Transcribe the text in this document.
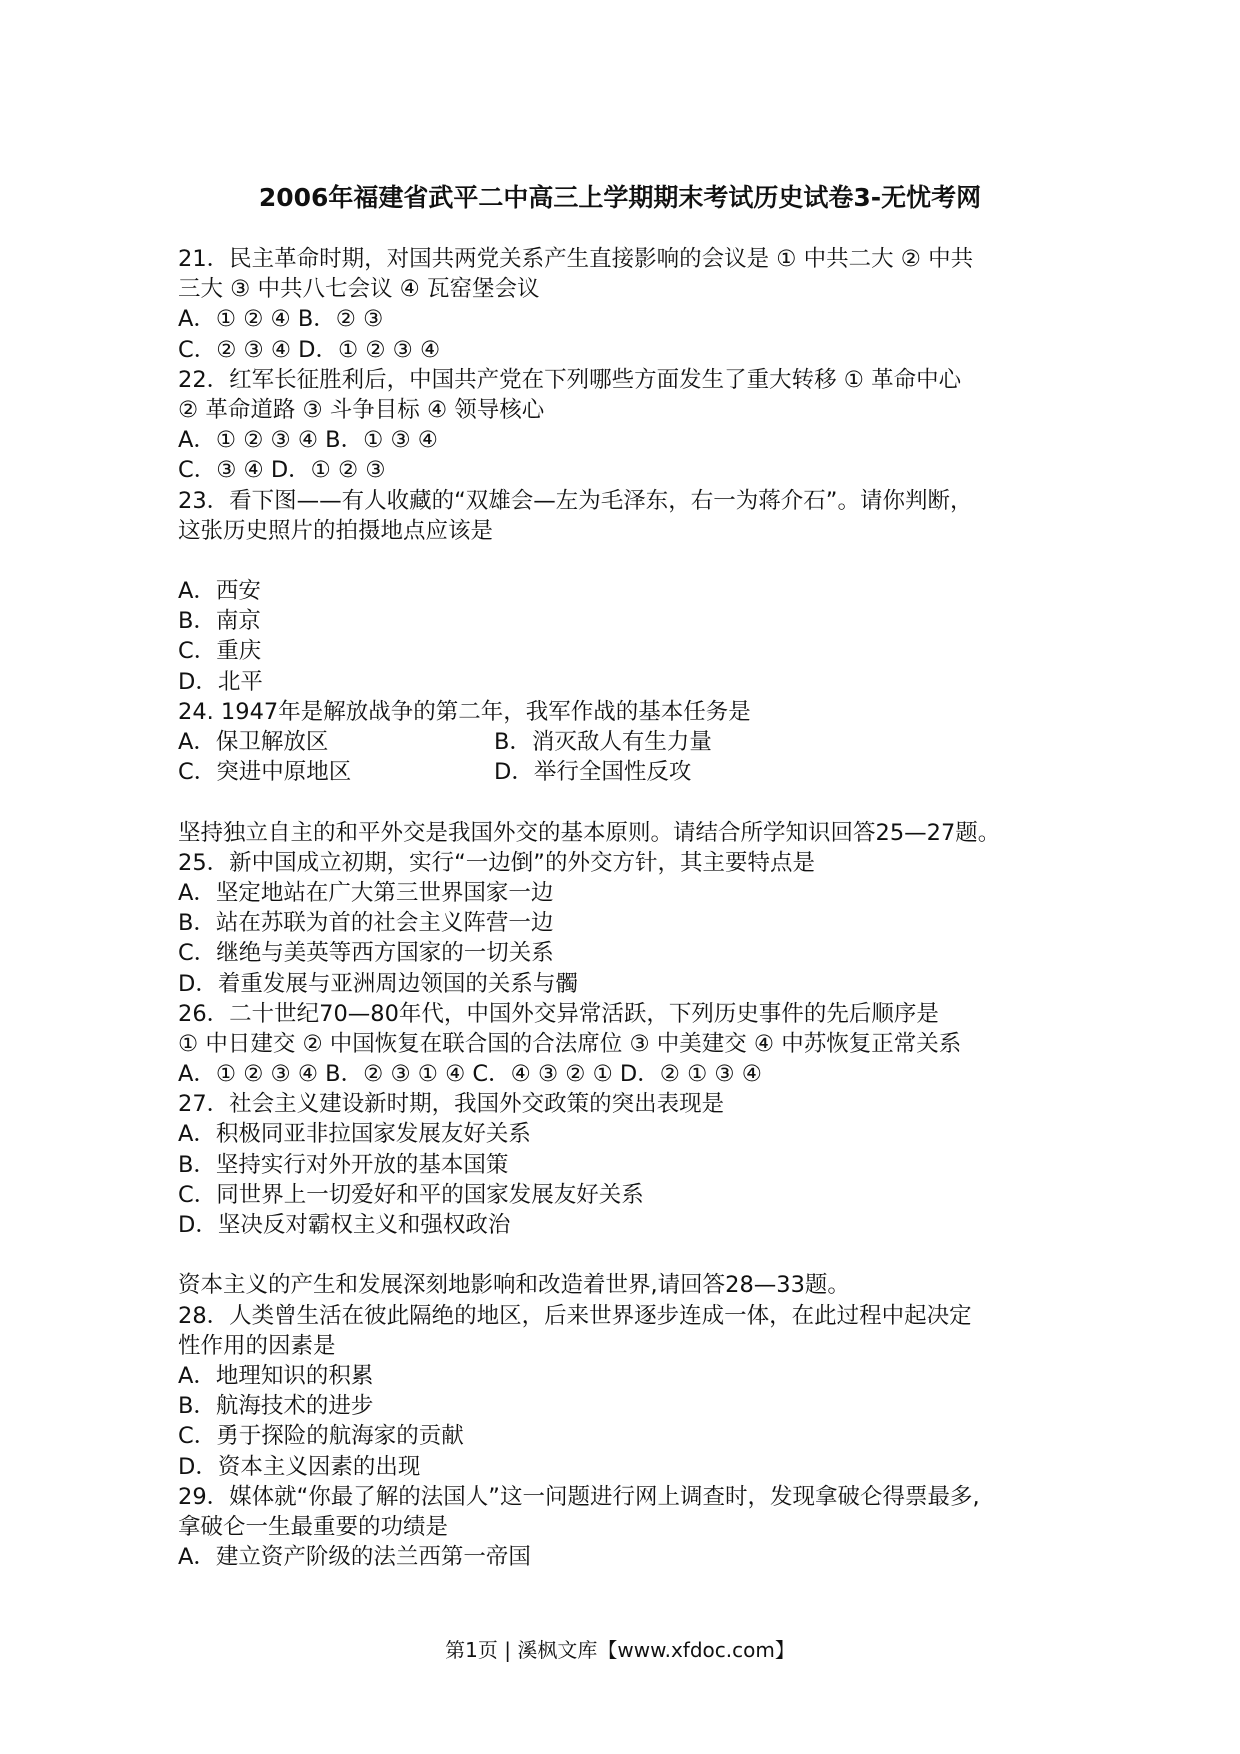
2006年福建省武平二中高三上学期期末考试历史试卷3-无忧考网
21．民主革命时期，对国共两党关系产生直接影响的会议是 ① 中共二大 ② 中共
三大 ③ 中共八七会议 ④ 瓦窑堡会议
A．① ② ④ B．② ③
C．② ③ ④ D．① ② ③ ④
22．红军长征胜利后，中国共产党在下列哪些方面发生了重大转移 ① 革命中心
② 革命道路 ③ 斗争目标 ④ 领导核心
A．① ② ③ ④ B．① ③ ④
C．③ ④ D．① ② ③
23．看下图——有人收藏的“双雄会—左为毛泽东，右一为蒋介石”。请你判断，
这张历史照片的拍摄地点应该是
A．西安
B．南京
C．重庆
D．北平
24. 1947年是解放战争的第二年，我军作战的基本任务是
A．保卫解放区	B．消灭敌人有生力量
C．突进中原地区	D．举行全国性反攻
坚持独立自主的和平外交是我国外交的基本原则。请结合所学知识回答25—27题。
25．新中国成立初期，实行“一边倒”的外交方针，其主要特点是
A．坚定地站在广大第三世界国家一边
B．站在苏联为首的社会主义阵营一边
C．继绝与美英等西方国家的一切关系
D．着重发展与亚洲周边领国的关系与髑
26．二十世纪70—80年代，中国外交异常活跃，下列历史事件的先后顺序是
① 中日建交 ② 中国恢复在联合国的合法席位 ③ 中美建交 ④ 中苏恢复正常关系
A．① ② ③ ④ B．② ③ ① ④ C．④ ③ ② ① D．② ① ③ ④
27．社会主义建设新时期，我国外交政策的突出表现是
A．积极同亚非拉国家发展友好关系
B．坚持实行对外开放的基本国策
C．同世界上一切爱好和平的国家发展友好关系
D．坚决反对霸权主义和强权政治
资本主义的产生和发展深刻地影响和改造着世界,请回答28—33题。
28．人类曾生活在彼此隔绝的地区，后来世界逐步连成一体，在此过程中起决定
性作用的因素是
A．地理知识的积累
B．航海技术的进步
C．勇于探险的航海家的贡献
D．资本主义因素的出现
29．媒体就“你最了解的法国人”这一问题进行网上调查时，发现拿破仑得票最多,
拿破仑一生最重要的功绩是
A．建立资产阶级的法兰西第一帝国
第1页 | 溪枫文库【www.xfdoc.com】
